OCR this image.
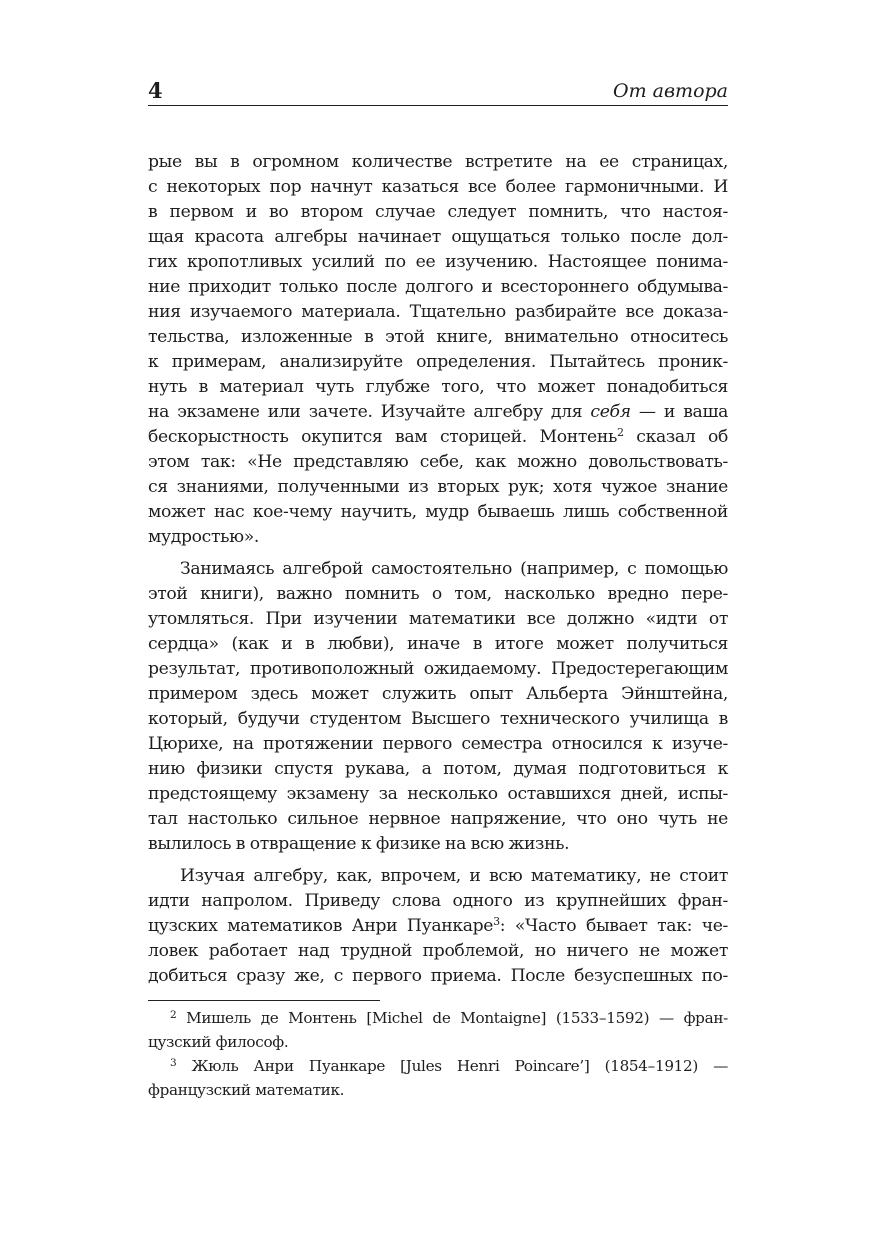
4	От автора
рые вы в огромном количестве встретите на ее страницах,
с некоторых пор начнут казаться все более гармоничными. И
в первом и во втором случае следует помнить, что настоя-
щая красота алгебры начинает ощущаться только после дол-
гих кропотливых усилий по ее изучению. Настоящее понима-
ние приходит только после долгого и всестороннего обдумыва-
ния изучаемого материала. Тщательно разбирайте все доказа-
тельства, изложенные в этой книге, внимательно относитесь
к примерам, анализируйте определения. Пытайтесь проник-
нуть в материал чуть глубже того, что может понадобиться
на экзамене или зачете. Изучайте алгебру для себя — и ваша
бескорыстность окупится вам сторицей. Монтень$^2$ сказал об
этом так: «Не представляю себе, как можно довольствовать-
ся знаниями, полученными из вторых рук; хотя чужое знание
может нас кое-чему научить, мудр бываешь лишь собственной
мудростью».
Занимаясь алгеброй самостоятельно (например, с помощью
этой книги), важно помнить о том, насколько вредно пере-
утомляться. При изучении математики все должно «идти от
сердца» (как и в любви), иначе в итоге может получиться
результат, противоположный ожидаемому. Предостерегающим
примером здесь может служить опыт Альберта Эйнштейна,
который, будучи студентом Высшего технического училища в
Цюрихе, на протяжении первого семестра относился к изуче-
нию физики спустя рукава, а потом, думая подготовиться к
предстоящему экзамену за несколько оставшихся дней, испы-
тал настолько сильное нервное напряжение, что оно чуть не
вылилось в отвращение к физике на всю жизнь.
Изучая алгебру, как, впрочем, и всю математику, не стоит
идти напролом. Приведу слова одного из крупнейших фран-
цузских математиков Анри Пуанкаре$^3$: «Часто бывает так: че-
ловек работает над трудной проблемой, но ничего не может
добиться сразу же, с первого приема. После безуспешных по-
$^2$ Мишель де Монтень [Michel de Montaigne] (1533–1592) — фран-
цузский философ.
$^3$ Жюль Анри Пуанкаре [Jules Henri Poincare’] (1854–1912) —
французский математик.
